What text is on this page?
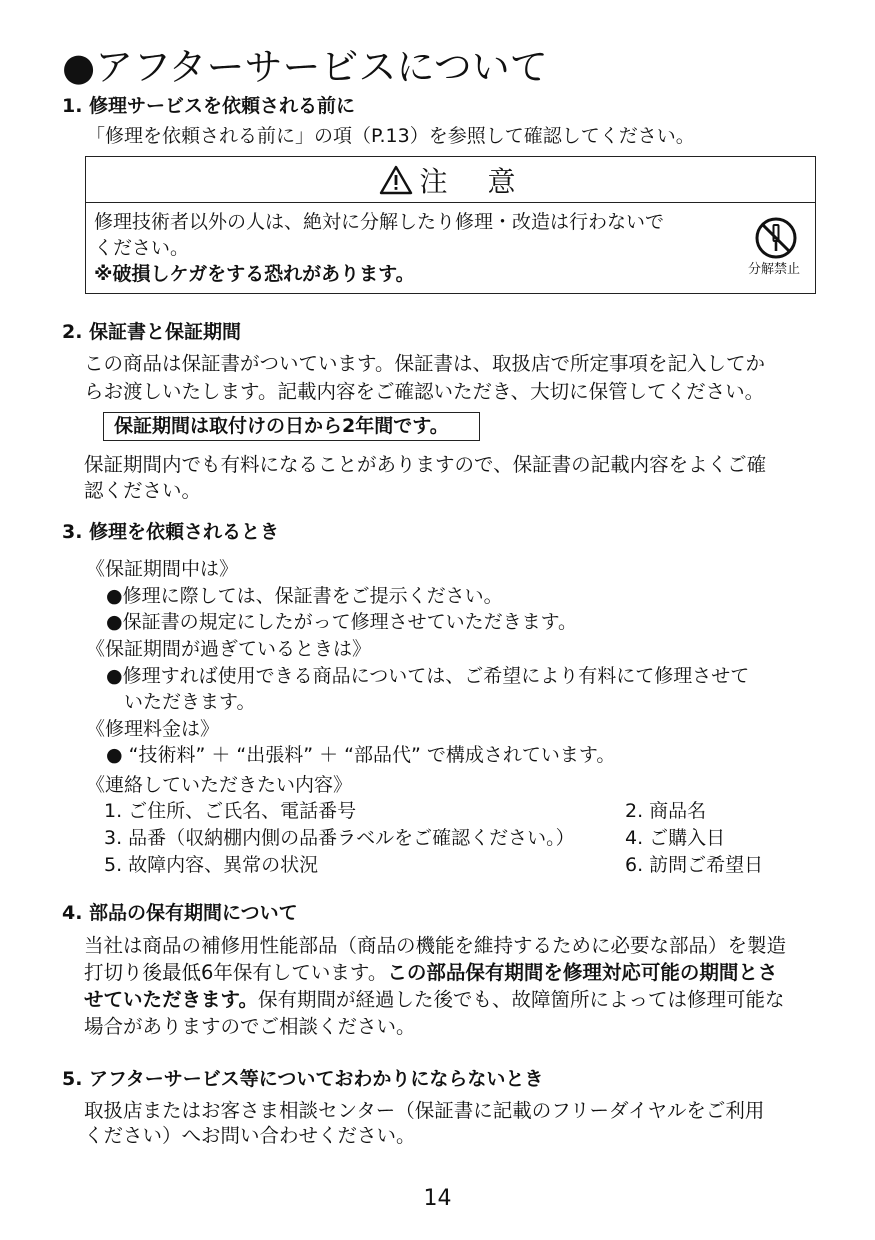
●アフターサービスについて
1. 修理サービスを依頼される前に
「修理を依頼される前に」の項（P.13）を参照して確認してください。
注　意
修理技術者以外の人は、絶対に分解したり修理・改造は行わないで
ください。
※破損しケガをする恐れがあります。	分解禁止
2. 保証書と保証期間
この商品は保証書がついています。保証書は、取扱店で所定事項を記入してか
らお渡しいたします。記載内容をご確認いただき、大切に保管してください。
保証期間は取付けの日から2年間です。
保証期間内でも有料になることがありますので、保証書の記載内容をよくご確
認ください。
3. 修理を依頼されるとき
《保証期間中は》
●修理に際しては、保証書をご提示ください。
●保証書の規定にしたがって修理させていただきます。
《保証期間が過ぎているときは》
●修理すれば使用できる商品については、ご希望により有料にて修理させて
いただきます。
《修理料金は》
● “技術料” ＋ “出張料” ＋ “部品代” で構成されています。
《連絡していただきたい内容》
1. ご住所、ご氏名、電話番号	2. 商品名
3. 品番（収納棚内側の品番ラベルをご確認ください。）	4. ご購入日
5. 故障内容、異常の状況	6. 訪問ご希望日
4. 部品の保有期間について
当社は商品の補修用性能部品（商品の機能を維持するために必要な部品）を製造
打切り後最低6年保有しています。この部品保有期間を修理対応可能の期間とさ
せていただきます。保有期間が経過した後でも、故障箇所によっては修理可能な
場合がありますのでご相談ください。
5. アフターサービス等についておわかりにならないとき
取扱店またはお客さま相談センター（保証書に記載のフリーダイヤルをご利用
ください）へお問い合わせください。
14
